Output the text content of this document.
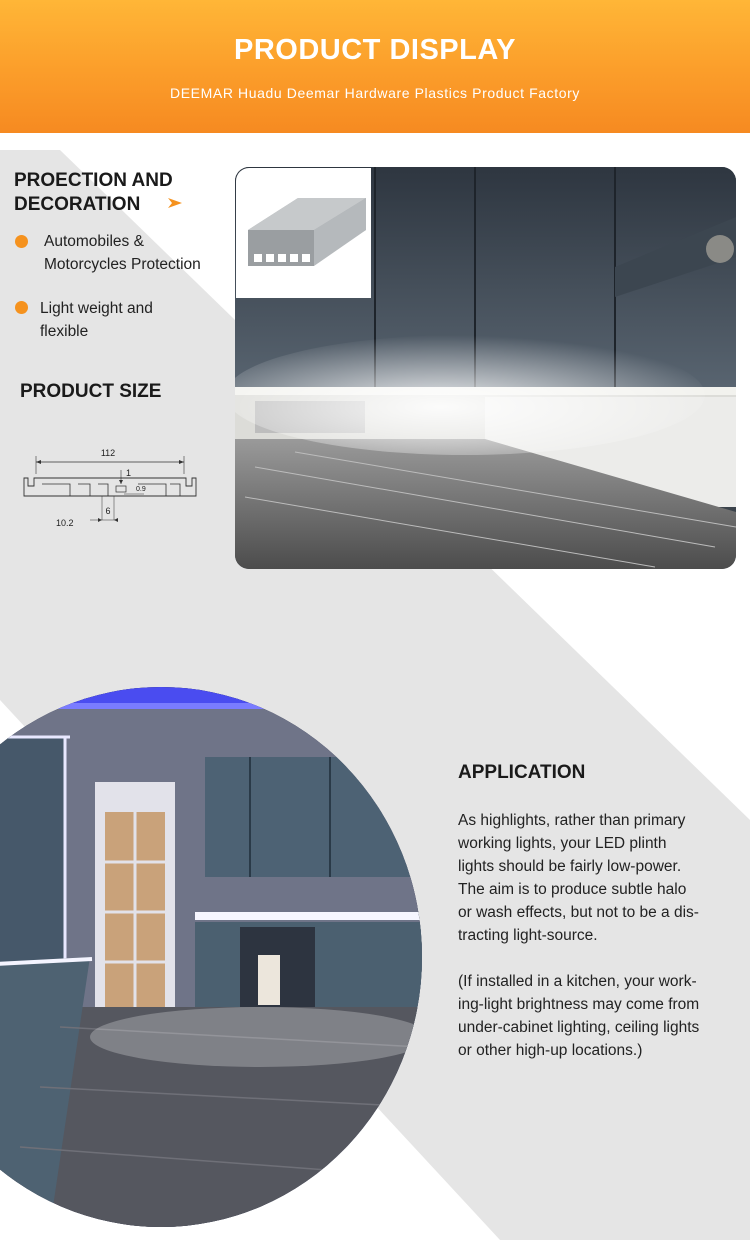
PRODUCT DISPLAY
DEEMAR Huadu Deemar Hardware Plastics Product Factory
PROECTION AND
DECORATION
Automobiles &
Motorcycles Protection
Light weight and
flexible
PRODUCT SIZE
112
1
0.9
6
10.2
APPLICATION
As highlights, rather than primary
working lights, your LED plinth
lights should be fairly low-power.
The aim is to produce subtle halo
or wash effects, but not to be a dis-
tracting light-source.
(If installed in a kitchen, your work-
ing-light brightness may come from
under-cabinet lighting, ceiling lights
or other high-up locations.)
